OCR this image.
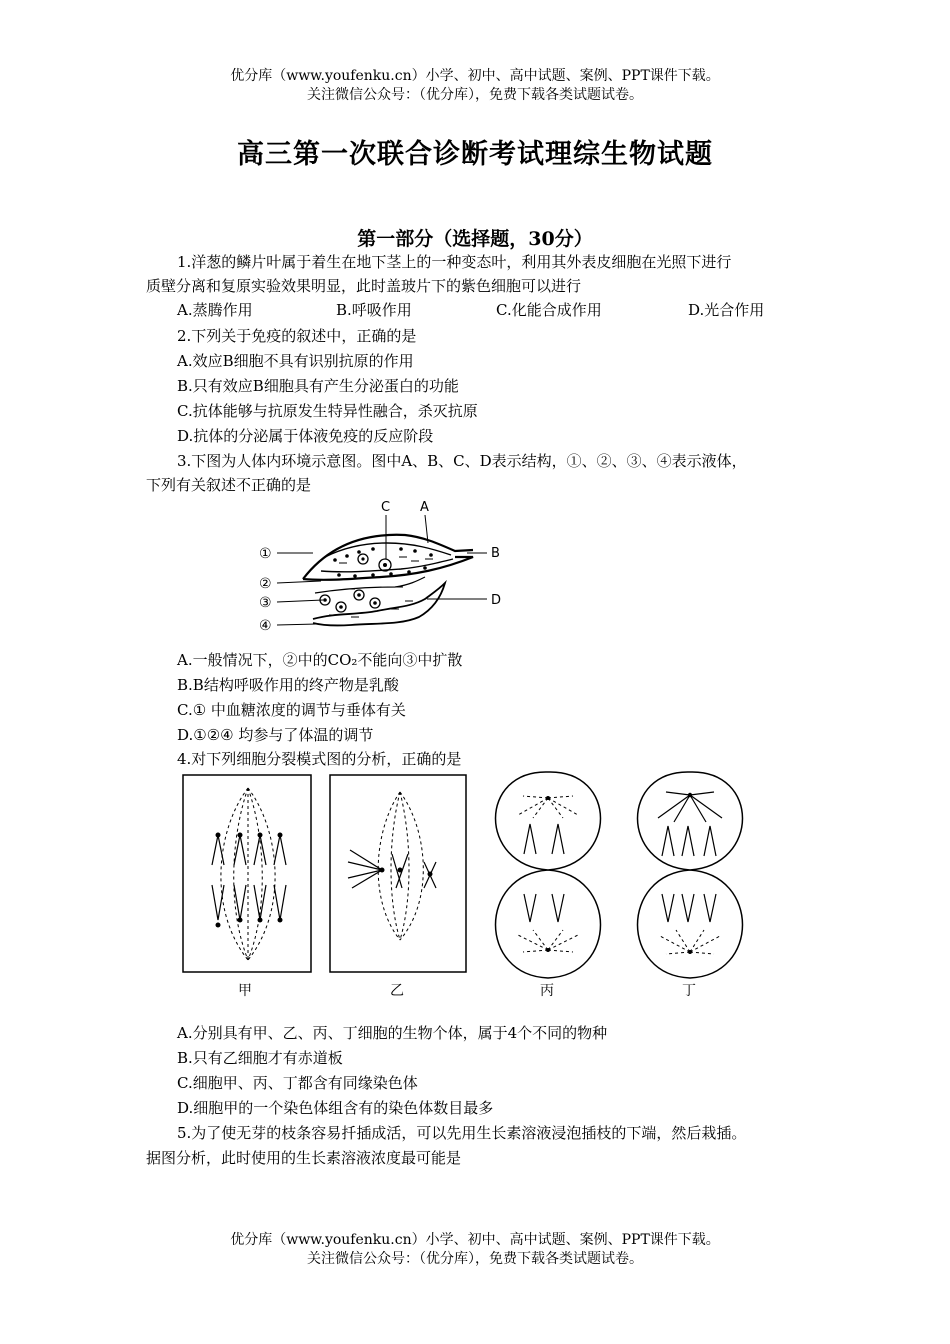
优分库（www.youfenku.cn）小学、初中、高中试题、案例、PPT课件下载。
关注微信公众号：（优分库），免费下载各类试题试卷。
高三第一次联合诊断考试理综生物试题
第一部分（选择题，30分）
1.洋葱的鳞片叶属于着生在地下茎上的一种变态叶，利用其外表皮细胞在光照下进行
质壁分离和复原实验效果明显，此时盖玻片下的紫色细胞可以进行
A.蒸腾作用	B.呼吸作用	C.化能合成作用	D.光合作用
2.下列关于免疫的叙述中，正确的是
A.效应B细胞不具有识别抗原的作用
B.只有效应B细胞具有产生分泌蛋白的功能
C.抗体能够与抗原发生特异性融合，杀灭抗原
D.抗体的分泌属于体液免疫的反应阶段
3.下图为人体内环境示意图。图中A、B、C、D表示结构，①、②、③、④表示液体，
下列有关叙述不正确的是
C A
①	B
②
③	D
④
A.一般情况下，②中的CO₂不能向③中扩散
B.B结构呼吸作用的终产物是乳酸
C.① 中血糖浓度的调节与垂体有关
D.①②④ 均参与了体温的调节
4.对下列细胞分裂模式图的分析，正确的是
甲	乙	丙	丁
A.分别具有甲、乙、丙、丁细胞的生物个体，属于4个不同的物种
B.只有乙细胞才有赤道板
C.细胞甲、丙、丁都含有同缘染色体
D.细胞甲的一个染色体组含有的染色体数目最多
5.为了使无芽的枝条容易扦插成活，可以先用生长素溶液浸泡插枝的下端，然后栽插。
据图分析，此时使用的生长素溶液浓度最可能是
优分库（www.youfenku.cn）小学、初中、高中试题、案例、PPT课件下载。
关注微信公众号：（优分库），免费下载各类试题试卷。
